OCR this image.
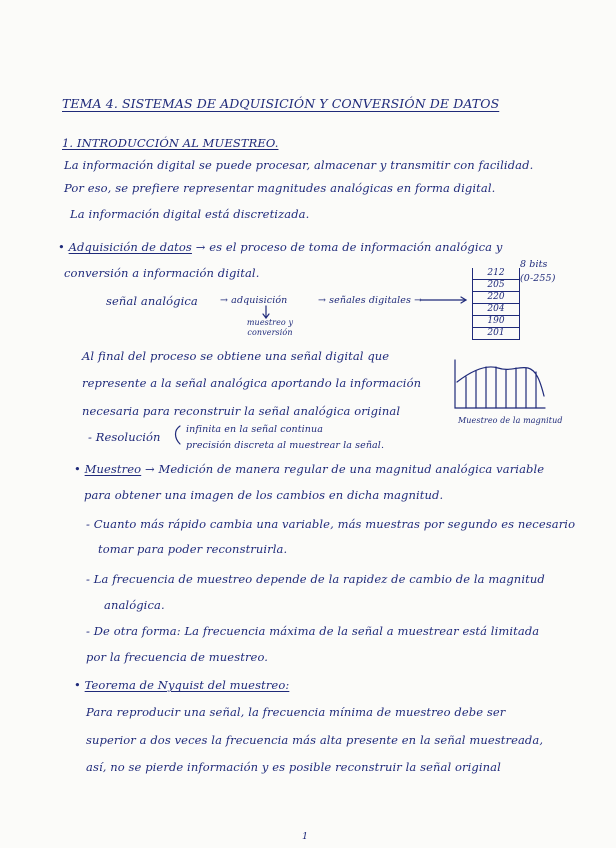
TEMA 4. SISTEMAS DE ADQUISICIÓN Y CONVERSIÓN DE DATOS
1. INTRODUCCIÓN AL MUESTREO.
La información digital se puede procesar, almacenar y transmitir con facilidad.
Por eso, se prefiere representar magnitudes analógicas en forma digital.
La información digital está discretizada.
• Adquisición de datos → es el proceso de toma de información analógica y
conversión a información digital.
8 bits
(0-255)
212
205
220
204
190
201
señal analógica → adquisición	→ señales digitales →
muestreo y conversión
Al final del proceso se obtiene una señal digital que
represente a la señal analógica aportando la información
necesaria para reconstruir la señal analógica original
Muestreo de la magnitud
- Resolución
infinita en la señal continua
precisión discreta al muestrear la señal.
• Muestreo → Medición de manera regular de una magnitud analógica variable
para obtener una imagen de los cambios en dicha magnitud.
- Cuanto más rápido cambia una variable, más muestras por segundo es necesario
tomar para poder reconstruirla.
- La frecuencia de muestreo depende de la rapidez de cambio de la magnitud
analógica.
- De otra forma: La frecuencia máxima de la señal a muestrear está limitada
por la frecuencia de muestreo.
• Teorema de Nyquist del muestreo:
Para reproducir una señal, la frecuencia mínima de muestreo debe ser
superior a dos veces la frecuencia más alta presente en la señal muestreada,
así, no se pierde información y es posible reconstruir la señal original
1
